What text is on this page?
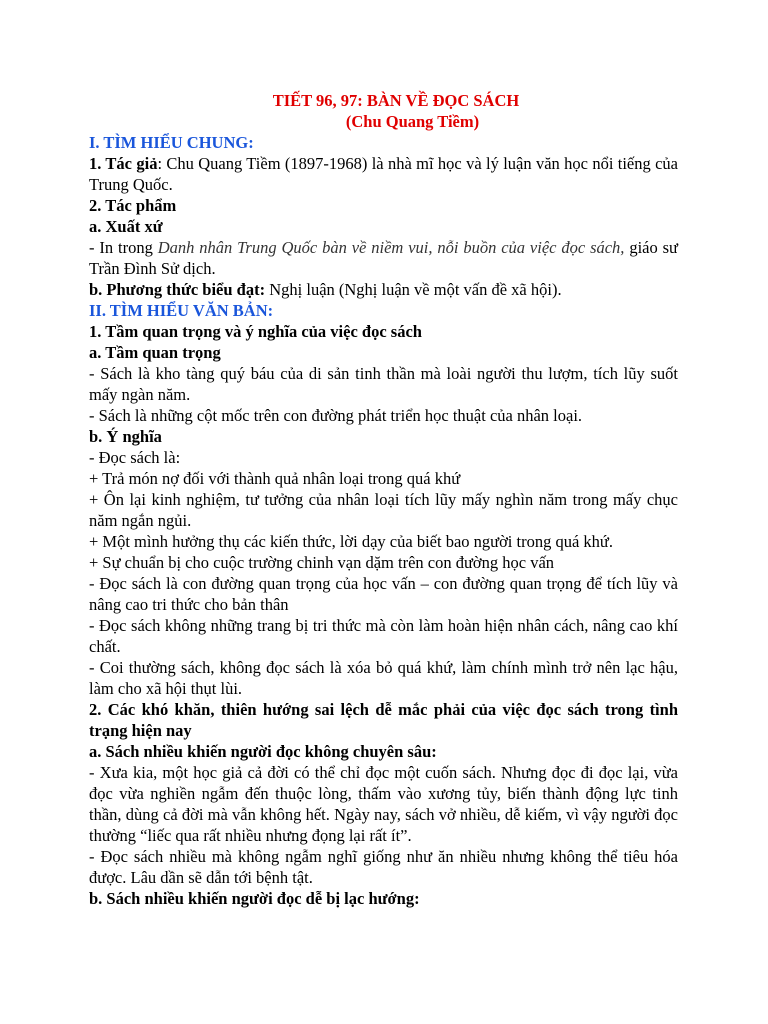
TIẾT 96, 97: BÀN VỀ ĐỌC SÁCH

(Chu Quang Tiềm)

I. TÌM HIỂU CHUNG:

1. Tác giả: Chu Quang Tiềm (1897-1968) là nhà mĩ học và lý luận văn học nổi tiếng của Trung Quốc.

2. Tác phẩm

a. Xuất xứ

- In trong Danh nhân Trung Quốc bàn về niềm vui, nỗi buồn của việc đọc sách, giáo sư Trần Đình Sử dịch.

b. Phương thức biểu đạt: Nghị luận (Nghị luận về một vấn đề xã hội).

II. TÌM HIỂU VĂN BẢN:

1. Tầm quan trọng và ý nghĩa của việc đọc sách

a. Tầm quan trọng

- Sách là kho tàng quý báu của di sản tinh thần mà loài người thu lượm, tích lũy suốt mấy ngàn năm.

- Sách là những cột mốc trên con đường phát triển học thuật của nhân loại.

b. Ý nghĩa

- Đọc sách là:

+ Trả món nợ đối với thành quả nhân loại trong quá khứ

+ Ôn lại kinh nghiệm, tư tưởng của nhân loại tích lũy mấy nghìn năm trong mấy chục năm ngắn ngủi.

+ Một mình hưởng thụ các kiến thức, lời dạy của biết bao người trong quá khứ.

+ Sự chuẩn bị cho cuộc trường chinh vạn dặm trên con đường học vấn

- Đọc sách là con đường quan trọng của học vấn – con đường quan trọng để tích lũy và nâng cao tri thức cho bản thân

- Đọc sách không những trang bị tri thức mà còn làm hoàn hiện nhân cách, nâng cao khí chất.

- Coi thường sách, không đọc sách là xóa bỏ quá khứ, làm chính mình trở nên lạc hậu, làm cho xã hội thụt lùi.

2. Các khó khăn, thiên hướng sai lệch dễ mắc phải của việc đọc sách trong tình trạng hiện nay

a. Sách nhiều khiến người đọc không chuyên sâu:

- Xưa kia, một học giả cả đời có thể chỉ đọc một cuốn sách. Nhưng đọc đi đọc lại, vừa đọc vừa nghiền ngẫm đến thuộc lòng, thấm vào xương tủy, biến thành động lực tinh thần, dùng cả đời mà vẫn không hết. Ngày nay, sách vở nhiều, dễ kiếm, vì vậy người đọc thường “liếc qua rất nhiều nhưng đọng lại rất ít”.

- Đọc sách nhiều mà không ngẫm nghĩ giống như ăn nhiều nhưng không thể tiêu hóa được. Lâu dần sẽ dẫn tới bệnh tật.

b. Sách nhiều khiến người đọc dễ bị lạc hướng:
